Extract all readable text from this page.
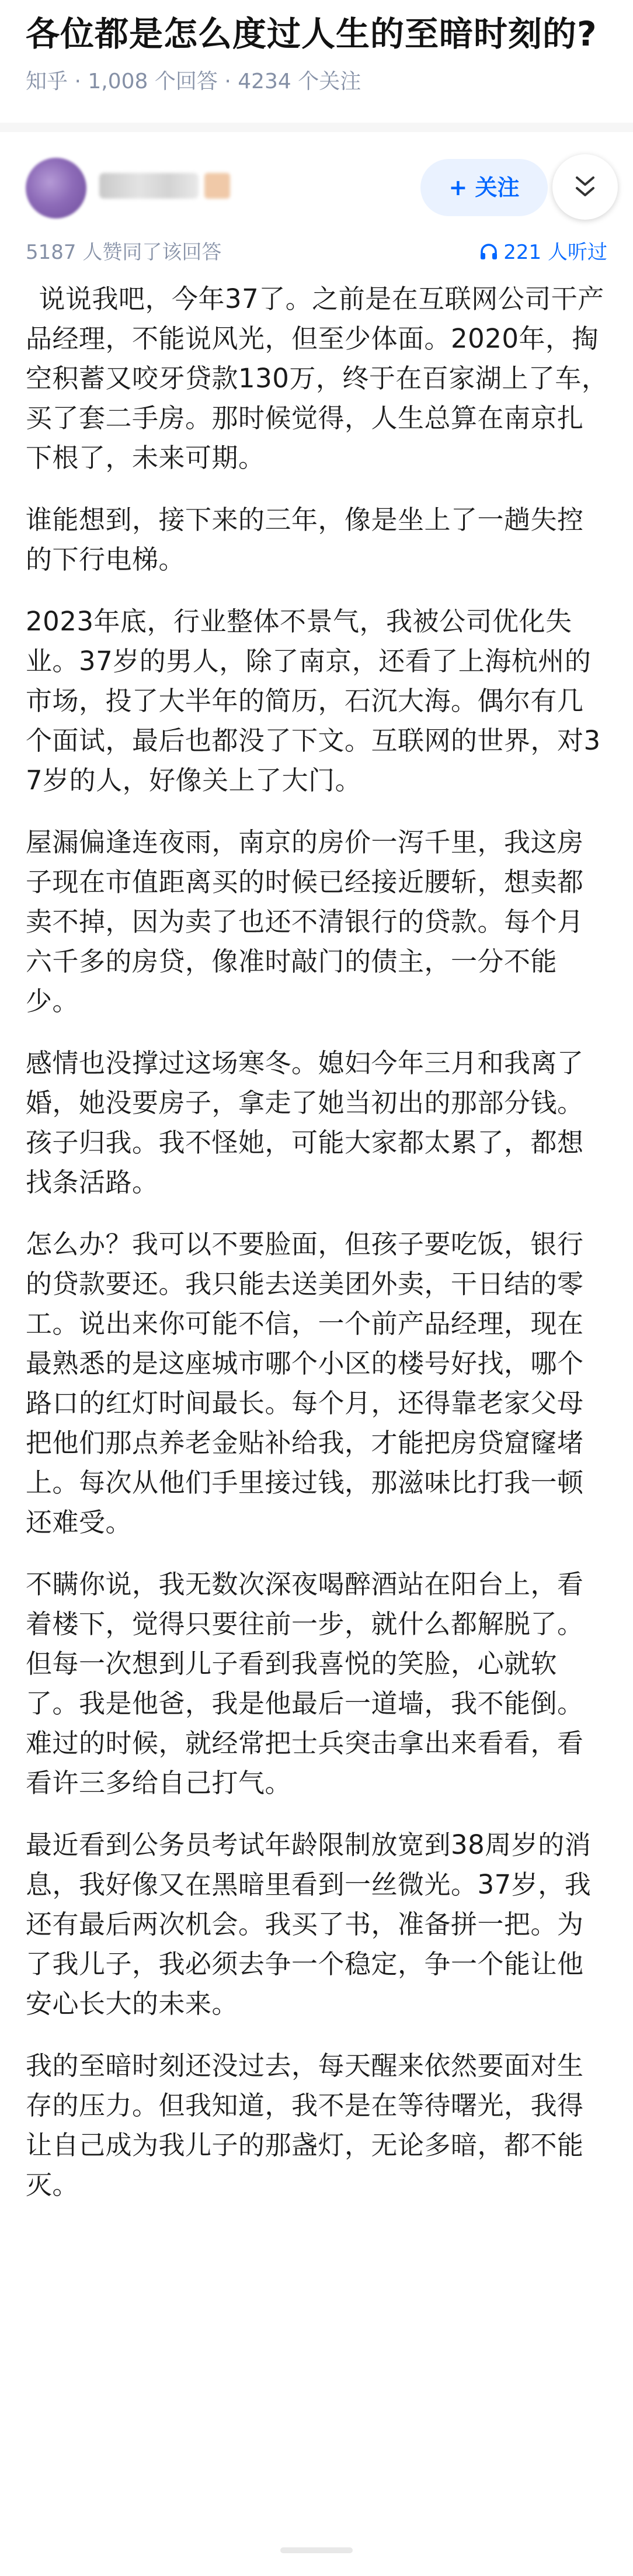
各位都是怎么度过人生的至暗时刻的?
知乎 · 1,008 个回答 · 4234 个关注
+ 关注
5187 人赞同了该回答	221 人听过

说说我吧，今年37了。之前是在互联网公司干产品经理，不能说风光，但至少体面。2020年，掏空积蓄又咬牙贷款130万，终于在百家湖上了车，买了套二手房。那时候觉得，人生总算在南京扎下根了，未来可期。

谁能想到，接下来的三年，像是坐上了一趟失控的下行电梯。

2023年底，行业整体不景气，我被公司优化失业。37岁的男人，除了南京，还看了上海杭州的市场，投了大半年的简历，石沉大海。偶尔有几个面试，最后也都没了下文。互联网的世界，对37岁的人，好像关上了大门。

屋漏偏逢连夜雨，南京的房价一泻千里，我这房子现在市值距离买的时候已经接近腰斩，想卖都卖不掉，因为卖了也还不清银行的贷款。每个月六千多的房贷，像准时敲门的债主，一分不能少。

感情也没撑过这场寒冬。媳妇今年三月和我离了婚，她没要房子，拿走了她当初出的那部分钱。孩子归我。我不怪她，可能大家都太累了，都想找条活路。

怎么办？我可以不要脸面，但孩子要吃饭，银行的贷款要还。我只能去送美团外卖，干日结的零工。说出来你可能不信，一个前产品经理，现在最熟悉的是这座城市哪个小区的楼号好找，哪个路口的红灯时间最长。每个月，还得靠老家父母把他们那点养老金贴补给我，才能把房贷窟窿堵上。每次从他们手里接过钱，那滋味比打我一顿还难受。

不瞒你说，我无数次深夜喝醉酒站在阳台上，看着楼下，觉得只要往前一步，就什么都解脱了。但每一次想到儿子看到我喜悦的笑脸，心就软了。我是他爸，我是他最后一道墙，我不能倒。难过的时候，就经常把士兵突击拿出来看看，看看许三多给自己打气。

最近看到公务员考试年龄限制放宽到38周岁的消息，我好像又在黑暗里看到一丝微光。37岁，我还有最后两次机会。我买了书，准备拼一把。为了我儿子，我必须去争一个稳定，争一个能让他安心长大的未来。

我的至暗时刻还没过去，每天醒来依然要面对生存的压力。但我知道，我不是在等待曙光，我得让自己成为我儿子的那盏灯，无论多暗，都不能灭。
